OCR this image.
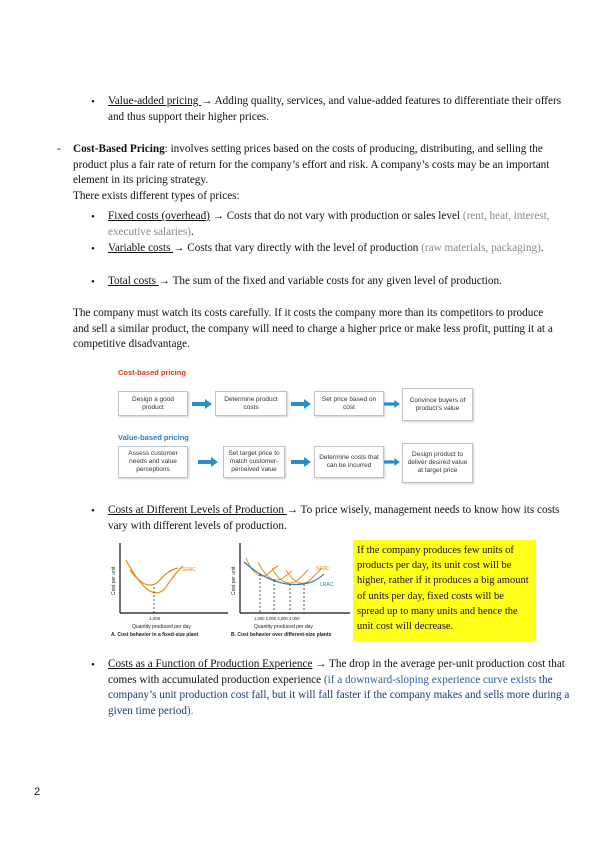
• Value-added pricing → Adding quality, services, and value-added features to differentiate their offers and thus support their higher prices.
- Cost-Based Pricing: involves setting prices based on the costs of producing, distributing, and selling the product plus a fair rate of return for the company’s effort and risk. A company’s costs may be an important element in its pricing strategy.
There exists different types of prices:
• Fixed costs (overhead) → Costs that do not vary with production or sales level (rent, heat, interest, executive salaries).
• Variable costs → Costs that vary directly with the level of production (raw materials, packaging).
• Total costs → The sum of the fixed and variable costs for any given level of production.
The company must watch its costs carefully. If it costs the company more than its competitors to produce and sell a similar product, the company will need to charge a higher price or make less profit, putting it at a competitive disadvantage.
Cost-based pricing
Design a good product
Determine product costs
Set price based on cost
Convince buyers of product’s value
Value-based pricing
Assess customer needs and value perceptions
Set target price to match customer-perceived value
Determine costs that can be incurred
Design product to deliver desired value at target price
• Costs at Different Levels of Production → To price wisely, management needs to know how its costs vary with different levels of production.
SRAC
1,000
Quantity produced per day
A. Cost behavior in a fixed-size plant
Cost per unit	SRAC
LRAC
1,000 2,000 3,000 4,000
Quantity produced per day
B. Cost behavior over different-size plants
Cost per unit
If the company produces few units of products per day, its unit cost will be higher, rather if it produces a big amount of units per day, fixed costs will be spread up to many units and hence the unit cost will decrease.
• Costs as a Function of Production Experience → The drop in the average per-unit production cost that comes with accumulated production experience (if a downward-sloping experience curve exists the company’s unit production cost fall, but it will fall faster if the company makes and sells more during a given time period).
2
